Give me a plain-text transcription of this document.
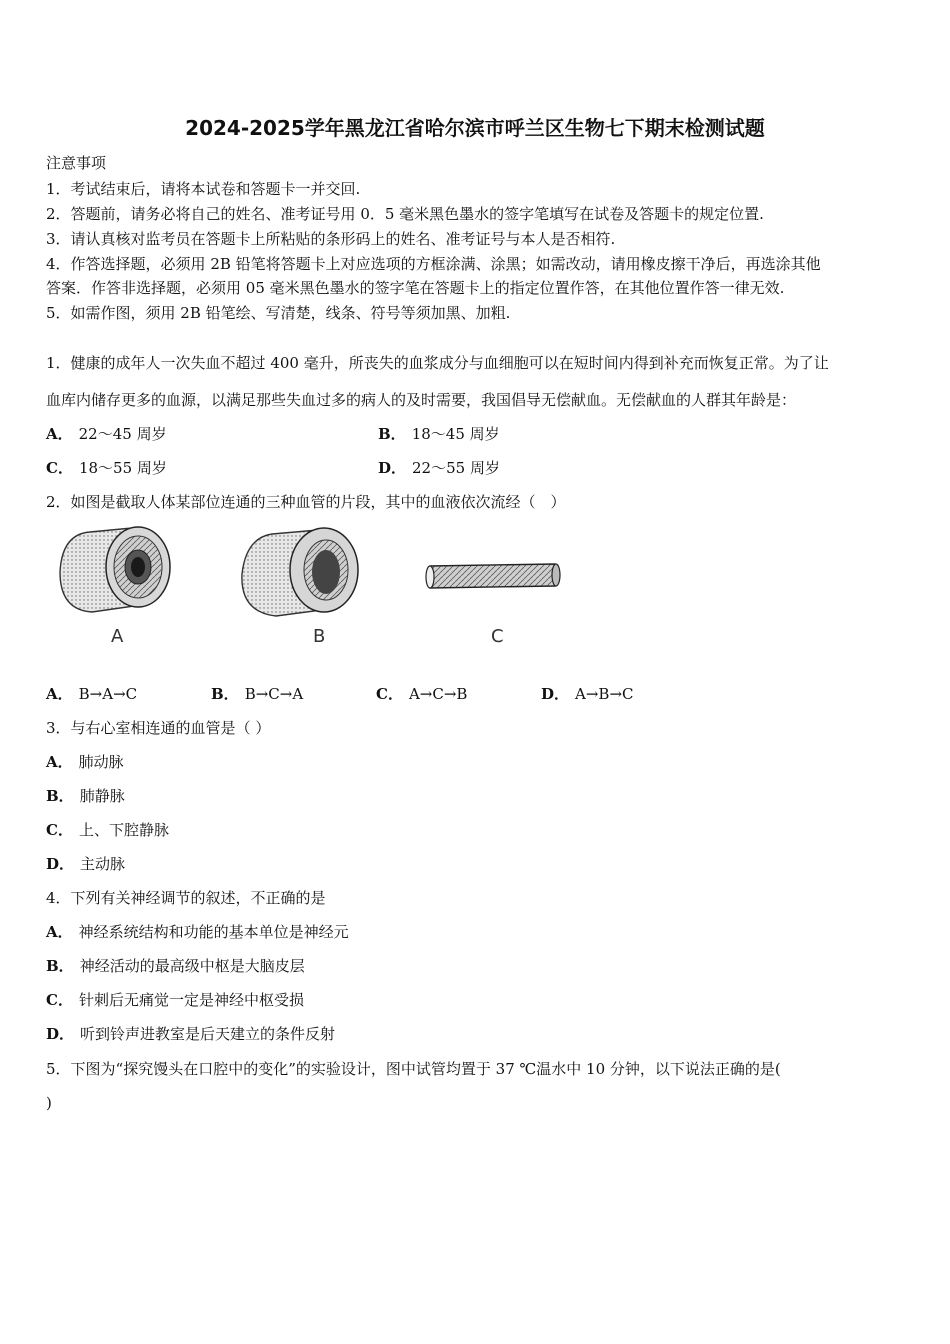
2024-2025学年黑龙江省哈尔滨市呼兰区生物七下期末检测试题
注意事项
1．考试结束后，请将本试卷和答题卡一并交回.
2．答题前，请务必将自己的姓名、准考证号用 0．5 毫米黑色墨水的签字笔填写在试卷及答题卡的规定位置.
3．请认真核对监考员在答题卡上所粘贴的条形码上的姓名、准考证号与本人是否相符.
4．作答选择题，必须用 2B 铅笔将答题卡上对应选项的方框涂满、涂黑；如需改动，请用橡皮擦干净后，再选涂其他
答案．作答非选择题，必须用 05 毫米黑色墨水的签字笔在答题卡上的指定位置作答，在其他位置作答一律无效.
5．如需作图，须用 2B 铅笔绘、写清楚，线条、符号等须加黑、加粗.
1．健康的成年人一次失血不超过 400 毫升，所丧失的血浆成分与血细胞可以在短时间内得到补充而恢复正常。为了让
血库内储存更多的血源，以满足那些失血过多的病人的及时需要，我国倡导无偿献血。无偿献血的人群其年龄是：
A． 22～45 周岁	B． 18～45 周岁
C． 18～55 周岁	D． 22～55 周岁
2．如图是截取人体某部位连通的三种血管的片段，其中的血液依次流经（　）
A	B	C
A． B→A→C	B． B→C→A	C． A→C→B	D． A→B→C
3．与右心室相连通的血管是（ ）
A． 肺动脉
B． 肺静脉
C． 上、下腔静脉
D． 主动脉
4．下列有关神经调节的叙述，不正确的是
A． 神经系统结构和功能的基本单位是神经元
B． 神经活动的最高级中枢是大脑皮层
C． 针刺后无痛觉一定是神经中枢受损
D． 听到铃声进教室是后天建立的条件反射
5．下图为“探究馒头在口腔中的变化”的实验设计，图中试管均置于 37 ℃温水中 10 分钟，以下说法正确的是(
)
